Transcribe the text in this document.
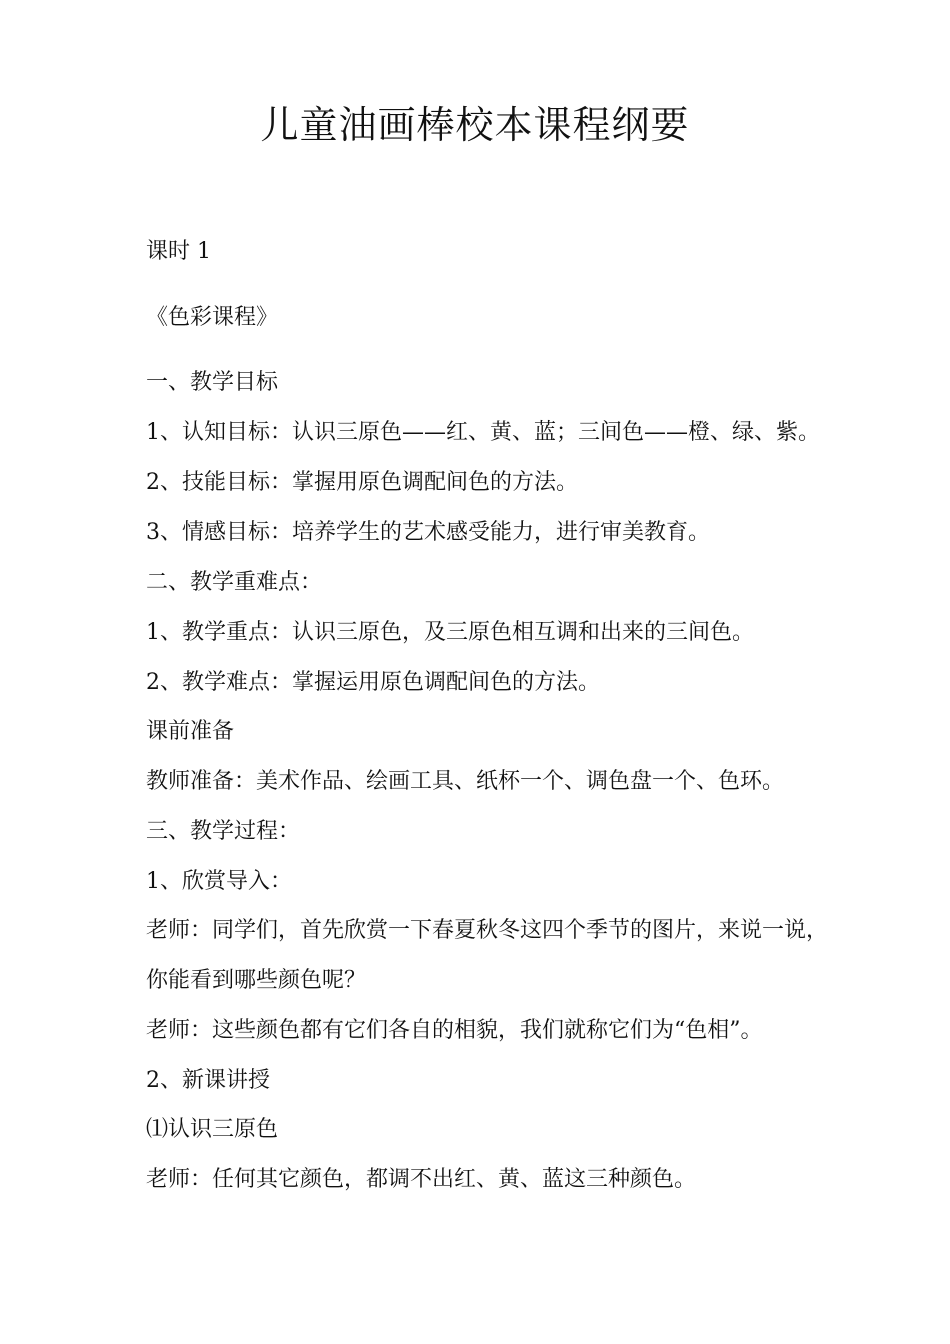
儿童油画棒校本课程纲要

课时 1

《色彩课程》

一、教学目标

1、认知目标：认识三原色——红、黄、蓝；三间色——橙、绿、紫。

2、技能目标：掌握用原色调配间色的方法。

3、情感目标：培养学生的艺术感受能力，进行审美教育。

二、教学重难点：

1、教学重点：认识三原色，及三原色相互调和出来的三间色。

2、教学难点：掌握运用原色调配间色的方法。

课前准备

教师准备：美术作品、绘画工具、纸杯一个、调色盘一个、色环。

三、教学过程：

1、欣赏导入：

老师：同学们，首先欣赏一下春夏秋冬这四个季节的图片，来说一说，

你能看到哪些颜色呢？

老师：这些颜色都有它们各自的相貌，我们就称它们为“色相”。

2、新课讲授

⑴认识三原色

老师：任何其它颜色，都调不出红、黄、蓝这三种颜色。
